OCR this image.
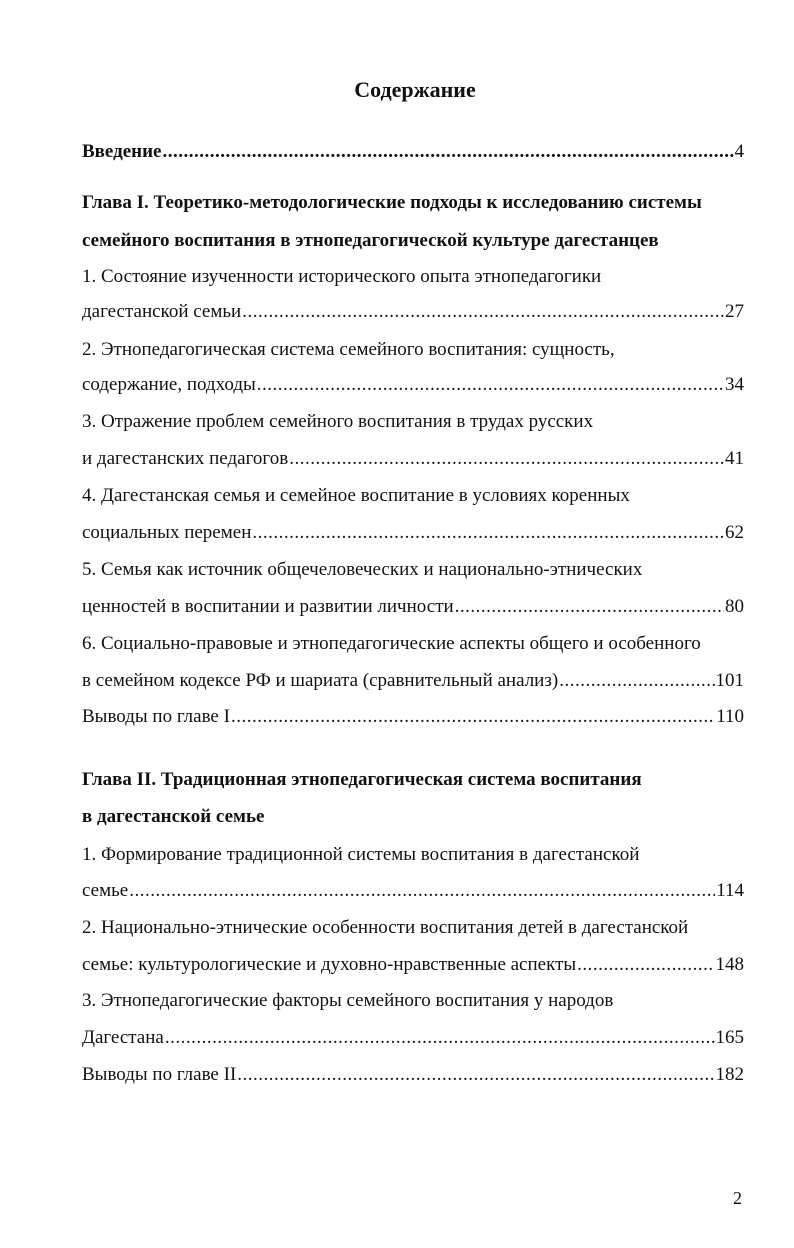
Содержание
Введение .....	4
Глава I. Теоретико-методологические подходы к исследованию системы
семейного воспитания в этнопедагогической культуре дагестанцев
1. Состояние изученности исторического опыта этнопедагогики
дагестанской семьи .....	27
2. Этнопедагогическая система семейного воспитания: сущность,
содержание, подходы .....	34
3. Отражение проблем семейного воспитания в трудах русских
и дагестанских педагогов .....	41
4. Дагестанская семья и семейное воспитание в условиях коренных
социальных перемен .....	62
5. Семья как источник общечеловеческих и национально-этнических
ценностей в воспитании и развитии личности .....	80
6. Социально-правовые и этнопедагогические аспекты общего и особенного
в семейном кодексе РФ и шариата (сравнительный анализ) .....	101
Выводы по главе I .....	110
Глава II. Традиционная этнопедагогическая система воспитания
в дагестанской семье
1. Формирование традиционной системы воспитания в дагестанской
семье .....	114
2. Национально-этнические особенности воспитания детей в дагестанской
семье: культурологические и духовно-нравственные аспекты .....	148
3. Этнопедагогические факторы семейного воспитания у народов
Дагестана .....	165
Выводы по главе II .....	182
2
